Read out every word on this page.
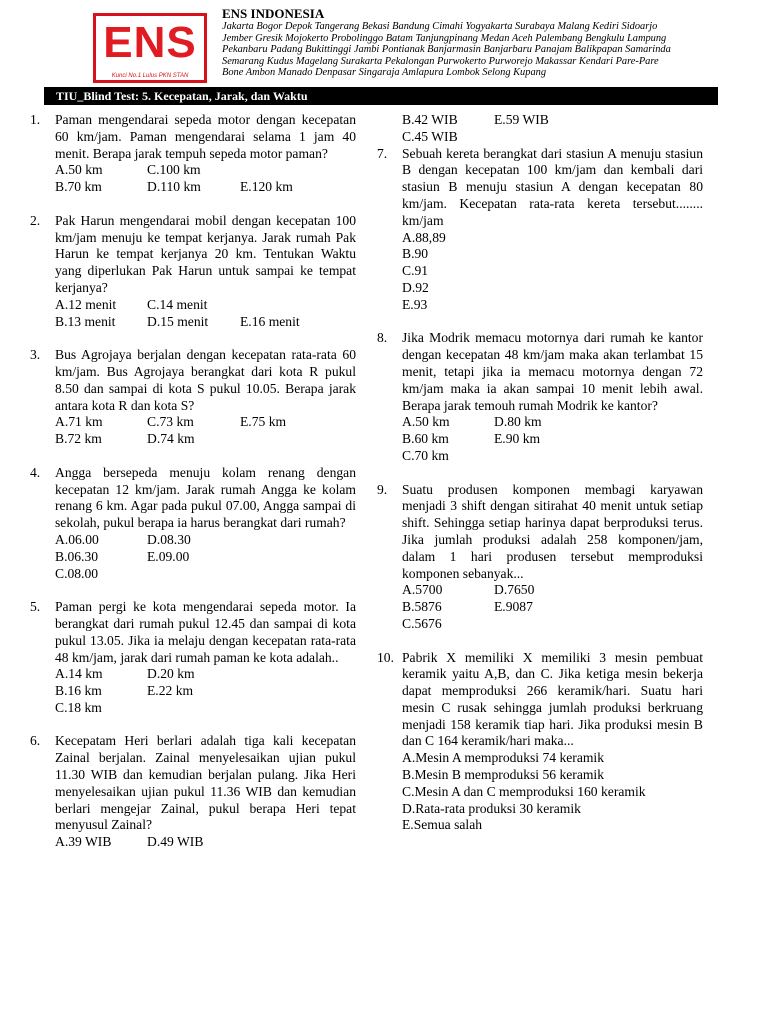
ENS
Kunci No.1 Lulus PKN STAN
ENS INDONESIA
Jakarta Bogor Depok Tangerang Bekasi Bandung Cimahi Yogyakarta Surabaya Malang Kediri Sidoarjo
Jember Gresik Mojokerto Probolinggo Batam Tanjungpinang Medan Aceh Palembang Bengkulu Lampung
Pekanbaru Padang Bukittinggi Jambi Pontianak Banjarmasin Banjarbaru Panajam Balikpapan Samarinda
Semarang Kudus Magelang Surakarta Pekalongan Purwokerto Purworejo Makassar Kendari Pare-Pare
Bone Ambon Manado Denpasar Singaraja Amlapura Lombok Selong Kupang
TIU_Blind Test: 5. Kecepatan, Jarak, dan Waktu
1. Paman mengendarai sepeda motor dengan kecepatan 60 km/jam. Paman mengendarai selama 1 jam 40 menit. Berapa jarak tempuh sepeda motor paman?
A.50 km	C.100 km
B.70 km	D.110 km	E.120 km
2. Pak Harun mengendarai mobil dengan kecepatan 100 km/jam menuju ke tempat kerjanya. Jarak rumah Pak Harun ke tempat kerjanya 20 km. Tentukan Waktu yang diperlukan Pak Harun untuk sampai ke tempat kerjanya?
A.12 menit	C.14 menit
B.13 menit	D.15 menit	E.16 menit
3. Bus Agrojaya berjalan dengan kecepatan rata-rata 60 km/jam. Bus Agrojaya berangkat dari kota R pukul 8.50 dan sampai di kota S pukul 10.05. Berapa jarak antara kota R dan kota S?
A.71 km	C.73 km	E.75 km
B.72 km	D.74 km
4. Angga bersepeda menuju kolam renang dengan kecepatan 12 km/jam. Jarak rumah Angga ke kolam renang 6 km. Agar pada pukul 07.00, Angga sampai di sekolah, pukul berapa ia harus berangkat dari rumah?
A.06.00	D.08.30
B.06.30	E.09.00
C.08.00
5. Paman pergi ke kota mengendarai sepeda motor. Ia berangkat dari rumah pukul 12.45 dan sampai di kota pukul 13.05. Jika ia melaju dengan kecepatan rata-rata 48 km/jam, jarak dari rumah paman ke kota adalah..
A.14 km	D.20 km
B.16 km	E.22 km
C.18 km
6. Kecepatam Heri berlari adalah tiga kali kecepatan Zainal berjalan. Zainal menyelesaikan ujian pukul 11.30 WIB dan kemudian berjalan pulang. Jika Heri menyelesaikan ujian pukul 11.36 WIB dan kemudian berlari mengejar Zainal, pukul berapa Heri tepat menyusul Zainal?
A.39 WIB	D.49 WIB
B.42 WIB	E.59 WIB
C.45 WIB
7. Sebuah kereta berangkat dari stasiun A menuju stasiun B dengan kecepatan 100 km/jam dan kembali dari stasiun B menuju stasiun A dengan kecepatan 80 km/jam. Kecepatan rata-rata kereta tersebut........ km/jam
A.88,89
B.90
C.91
D.92
E.93
8. Jika Modrik memacu motornya dari rumah ke kantor dengan kecepatan 48 km/jam maka akan terlambat 15 menit, tetapi jika ia memacu motornya dengan 72 km/jam maka ia akan sampai 10 menit lebih awal. Berapa jarak temouh rumah Modrik ke kantor?
A.50 km	D.80 km
B.60 km	E.90 km
C.70 km
9. Suatu produsen komponen membagi karyawan menjadi 3 shift dengan sitirahat 40 menit untuk setiap shift. Sehingga setiap harinya dapat berproduksi terus. Jika jumlah produksi adalah 258 komponen/jam, dalam 1 hari produsen tersebut memproduksi komponen sebanyak...
A.5700	D.7650
B.5876	E.9087
C.5676
10. Pabrik X memiliki X memiliki 3 mesin pembuat keramik yaitu A,B, dan C. Jika ketiga mesin bekerja dapat memproduksi 266 keramik/hari. Suatu hari mesin C rusak sehingga jumlah produksi berkruang menjadi 158 keramik tiap hari. Jika produksi mesin B dan C 164 keramik/hari maka...
A.Mesin A memproduksi 74 keramik
B.Mesin B memproduksi 56 keramik
C.Mesin A dan C memproduksi 160 keramik
D.Rata-rata produksi 30 keramik
E.Semua salah
